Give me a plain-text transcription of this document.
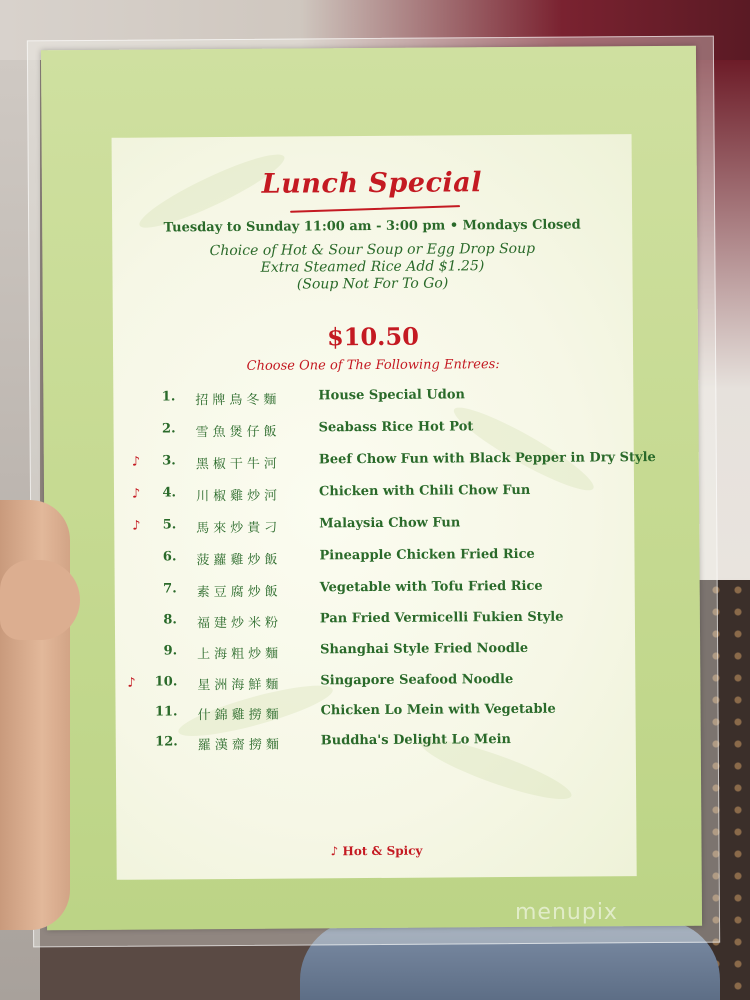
Lunch Special
Tuesday to Sunday 11:00 am - 3:00 pm • Mondays Closed
Choice of Hot & Sour Soup or Egg Drop Soup
Extra Steamed Rice Add $1.25)
(Soup Not For To Go)
$10.50
Choose One of The Following Entrees:
1. 招牌鳥冬麵	House Special Udon
2. 雪魚煲仔飯	Seabass Rice Hot Pot
♪	3. 黑椒干牛河	Beef Chow Fun with Black Pepper in Dry Style
♪	4. 川椒雞炒河	Chicken with Chili Chow Fun
♪	5. 馬來炒貴刁	Malaysia Chow Fun
6. 菠蘿雞炒飯	Pineapple Chicken Fried Rice
7. 素豆腐炒飯	Vegetable with Tofu Fried Rice
8. 福建炒米粉	Pan Fried Vermicelli Fukien Style
9. 上海粗炒麵	Shanghai Style Fried Noodle
♪	10. 星洲海鮮麵	Singapore Seafood Noodle
11. 什錦雞撈麵	Chicken Lo Mein with Vegetable
12. 羅漢齋撈麵	Buddha's Delight Lo Mein
♪ Hot & Spicy
menupix
